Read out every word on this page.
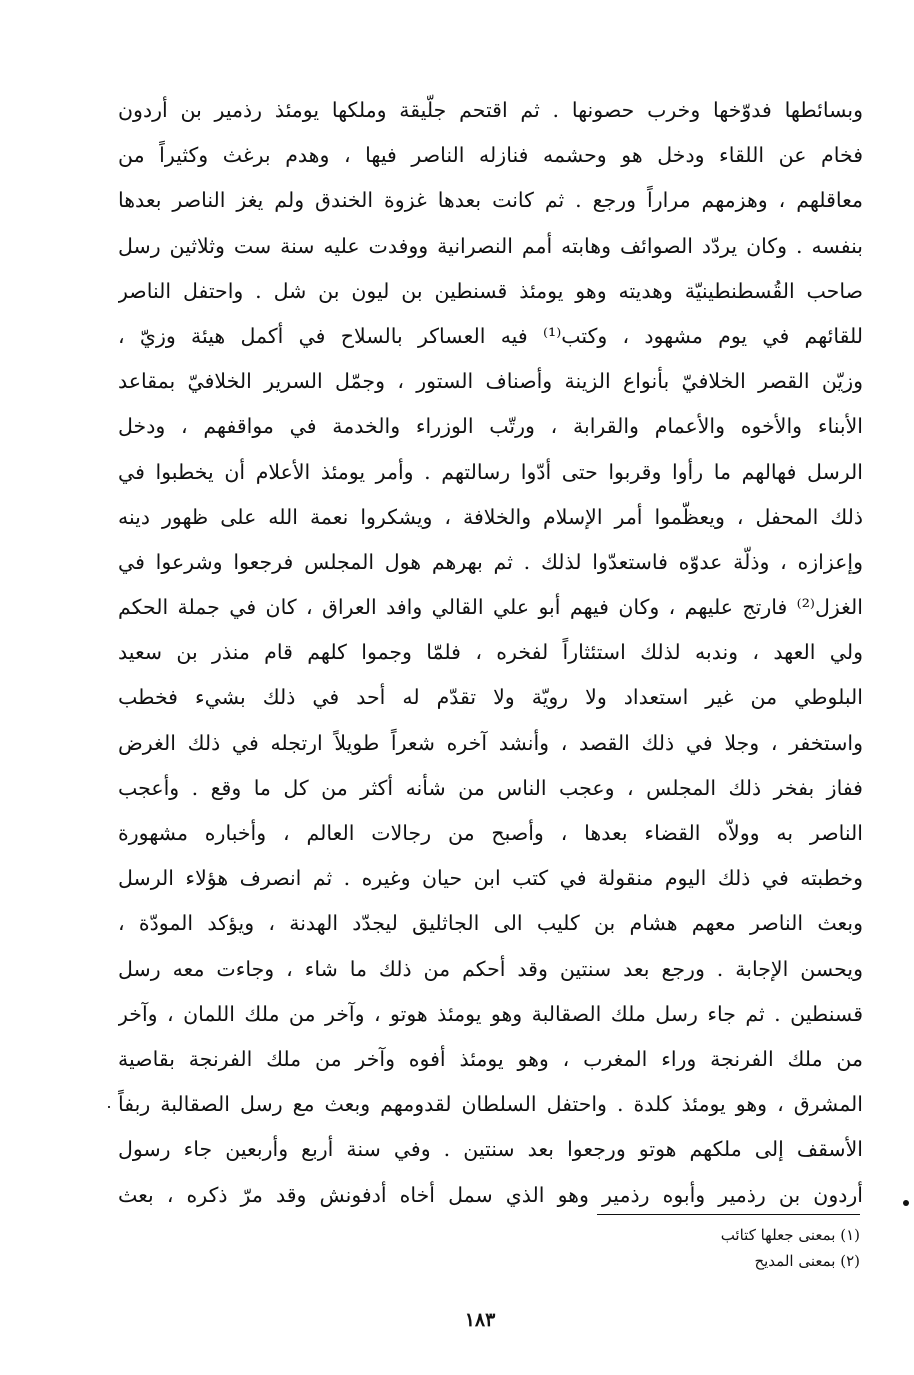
وبسائطها فدوّخها وخرب حصونها . ثم اقتحم جلّيقة وملكها يومئذ رذمير بن أردون
فخام عن اللقاء ودخل هو وحشمه فنازله الناصر فيها ، وهدم برغث وكثيراً من
معاقلهم ، وهزمهم مراراً ورجع . ثم كانت بعدها غزوة الخندق ولم يغز الناصر بعدها
بنفسه . وكان يردّد الصوائف وهابته أمم النصرانية ووفدت عليه سنة ست وثلاثين رسل
صاحب القُسطنطينيّة وهديته وهو يومئذ قسنطين بن ليون بن شل . واحتفل الناصر
للقائهم في يوم مشهود ، وكتب⁽¹⁾ فيه العساكر بالسلاح في أكمل هيئة وزيّ ،
وزيّن القصر الخلافيّ بأنواع الزينة وأصناف الستور ، وجمّل السرير الخلافيّ بمقاعد
الأبناء والأخوه والأعمام والقرابة ، ورتّب الوزراء والخدمة في مواقفهم ، ودخل
الرسل فهالهم ما رأوا وقربوا حتى أدّوا رسالتهم . وأمر يومئذ الأعلام أن يخطبوا في
ذلك المحفل ، ويعظّموا أمر الإسلام والخلافة ، ويشكروا نعمة الله على ظهور دينه
وإعزازه ، وذلّة عدوّه فاستعدّوا لذلك . ثم بهرهم هول المجلس فرجعوا وشرعوا في
الغزل⁽²⁾ فارتج عليهم ، وكان فيهم أبو علي القالي وافد العراق ، كان في جملة الحكم
ولي العهد ، وندبه لذلك استئثاراً لفخره ، فلمّا وجموا كلهم قام منذر بن سعيد
البلوطي من غير استعداد ولا رويّة ولا تقدّم له أحد في ذلك بشيء فخطب
واستخفر ، وجلا في ذلك القصد ، وأنشد آخره شعراً طويلاً ارتجله في ذلك الغرض
ففاز بفخر ذلك المجلس ، وعجب الناس من شأنه أكثر من كل ما وقع . وأعجب
الناصر به وولاّه القضاء بعدها ، وأصبح من رجالات العالم ، وأخباره مشهورة
وخطبته في ذلك اليوم منقولة في كتب ابن حيان وغيره . ثم انصرف هؤلاء الرسل
وبعث الناصر معهم هشام بن كليب الى الجاثليق ليجدّد الهدنة ، ويؤكد المودّة ،
ويحسن الإجابة . ورجع بعد سنتين وقد أحكم من ذلك ما شاء ، وجاءت معه رسل
قسنطين . ثم جاء رسل ملك الصقالبة وهو يومئذ هوتو ، وآخر من ملك اللمان ، وآخر
من ملك الفرنجة وراء المغرب ، وهو يومئذ أفوه وآخر من ملك الفرنجة بقاصية
المشرق ، وهو يومئذ كلدة . واحتفل السلطان لقدومهم وبعث مع رسل الصقالبة ربفاً
الأسقف إلى ملكهم هوتو ورجعوا بعد سنتين . وفي سنة أربع وأربعين جاء رسول
أردون بن رذمير وأبوه رذمير وهو الذي سمل أخاه أدفونش وقد مرّ ذكره ، بعث
(١) بمعنى جعلها كتائب
(٢) بمعنى المديح
١٨٣
